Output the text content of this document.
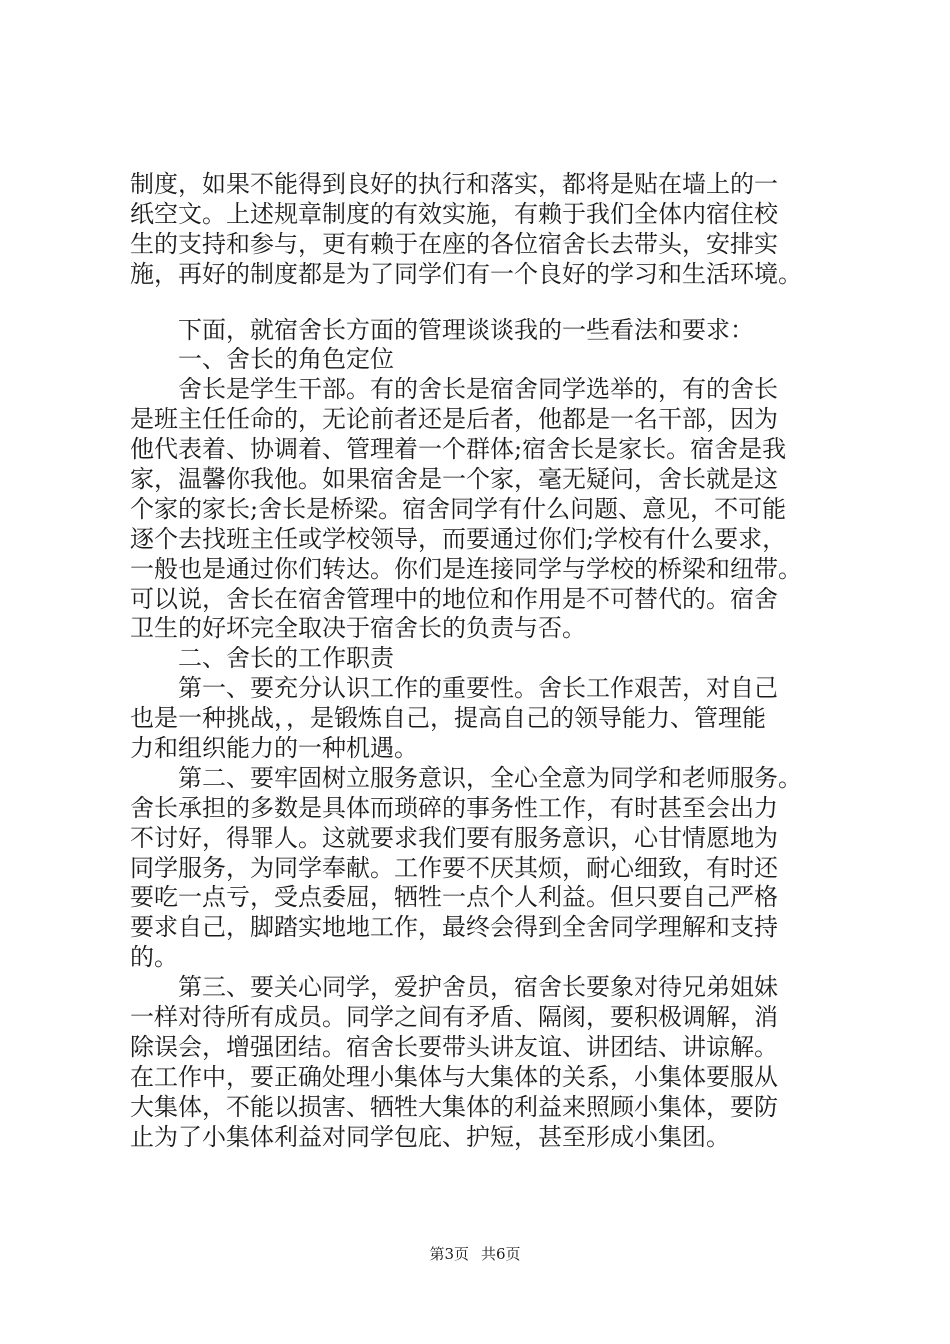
制度，如果不能得到良好的执行和落实，都将是贴在墙上的一
纸空文。上述规章制度的有效实施，有赖于我们全体内宿住校
生的支持和参与，更有赖于在座的各位宿舍长去带头，安排实
施，再好的制度都是为了同学们有一个良好的学习和生活环境。
　　下面，就宿舍长方面的管理谈谈我的一些看法和要求：
　　一、舍长的角色定位
　　舍长是学生干部。有的舍长是宿舍同学选举的，有的舍长
是班主任任命的，无论前者还是后者，他都是一名干部，因为
他代表着、协调着、管理着一个群体;宿舍长是家长。宿舍是我
家，温馨你我他。如果宿舍是一个家，毫无疑问，舍长就是这
个家的家长;舍长是桥梁。宿舍同学有什么问题、意见，不可能
逐个去找班主任或学校领导，而要通过你们;学校有什么要求，
一般也是通过你们转达。你们是连接同学与学校的桥梁和纽带。
可以说，舍长在宿舍管理中的地位和作用是不可替代的。宿舍
卫生的好坏完全取决于宿舍长的负责与否。
　　二、舍长的工作职责
　　第一、要充分认识工作的重要性。舍长工作艰苦，对自己
也是一种挑战，，是锻炼自己，提高自己的领导能力、管理能
力和组织能力的一种机遇。
　　第二、要牢固树立服务意识，全心全意为同学和老师服务。
舍长承担的多数是具体而琐碎的事务性工作，有时甚至会出力
不讨好，得罪人。这就要求我们要有服务意识，心甘情愿地为
同学服务，为同学奉献。工作要不厌其烦，耐心细致，有时还
要吃一点亏，受点委屈，牺牲一点个人利益。但只要自己严格
要求自己，脚踏实地地工作，最终会得到全舍同学理解和支持
的。
　　第三、要关心同学，爱护舍员，宿舍长要象对待兄弟姐妹
一样对待所有成员。同学之间有矛盾、隔阂，要积极调解，消
除误会，增强团结。宿舍长要带头讲友谊、讲团结、讲谅解。
在工作中，要正确处理小集体与大集体的关系，小集体要服从
大集体，不能以损害、牺牲大集体的利益来照顾小集体，要防
止为了小集体利益对同学包庇、护短，甚至形成小集团。
第3页 共6页
